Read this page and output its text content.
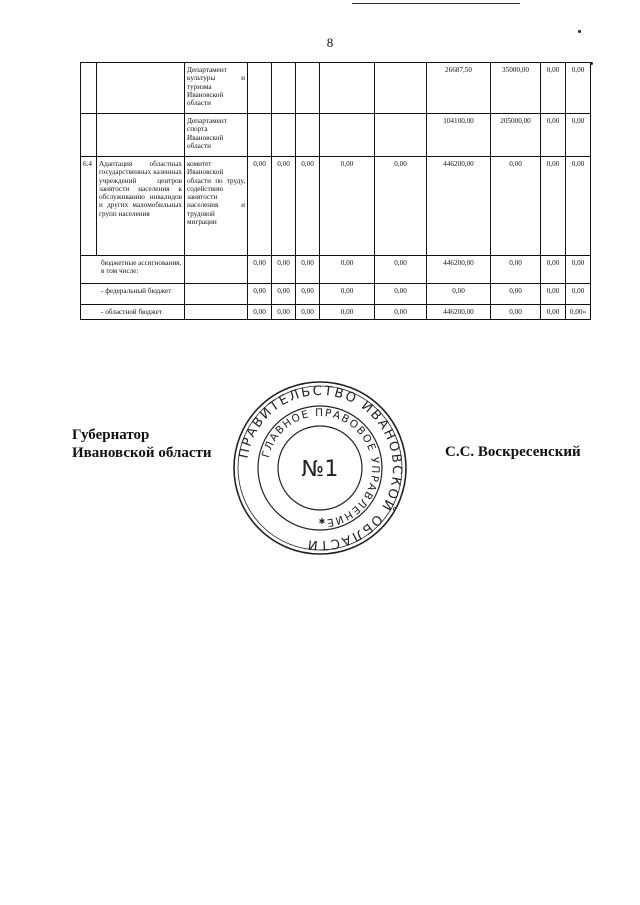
8
		Департамент культуры и туризма Ивановской области						26687,50	35000,00	0,00	0,00
		Департамент спорта Ивановской области						104100,00	205000,00	0,00	0,00
6.4	Адаптация областных государственных казенных учреждений центров занятости населения к обслуживанию инвалидов и других маломобильных групп населения	комитет Ивановской области по труду, содействию занятости населения и трудовой миграции	0,00	0,00	0,00	0,00	0,00	446200,00	0,00	0,00	0,00
бюджетные ассигнования, в том числе:			0,00	0,00	0,00	0,00	0,00	446200,00	0,00	0,00	0,00
- федеральный бюджет			0,00	0,00	0,00	0,00	0,00	0,00	0,00	0,00	0,00
- областной бюджет			0,00	0,00	0,00	0,00	0,00	446200,00	0,00	0,00	0,00»
Губернатор
Ивановской области	С.С. Воскресенский
ПРАВИТЕЛЬСТВО ИВАНОВСКОЙ ОБЛАСТИ
ГЛАВНОЕ ПРАВОВОЕ УПРАВЛЕНИЕ
№1
✱
